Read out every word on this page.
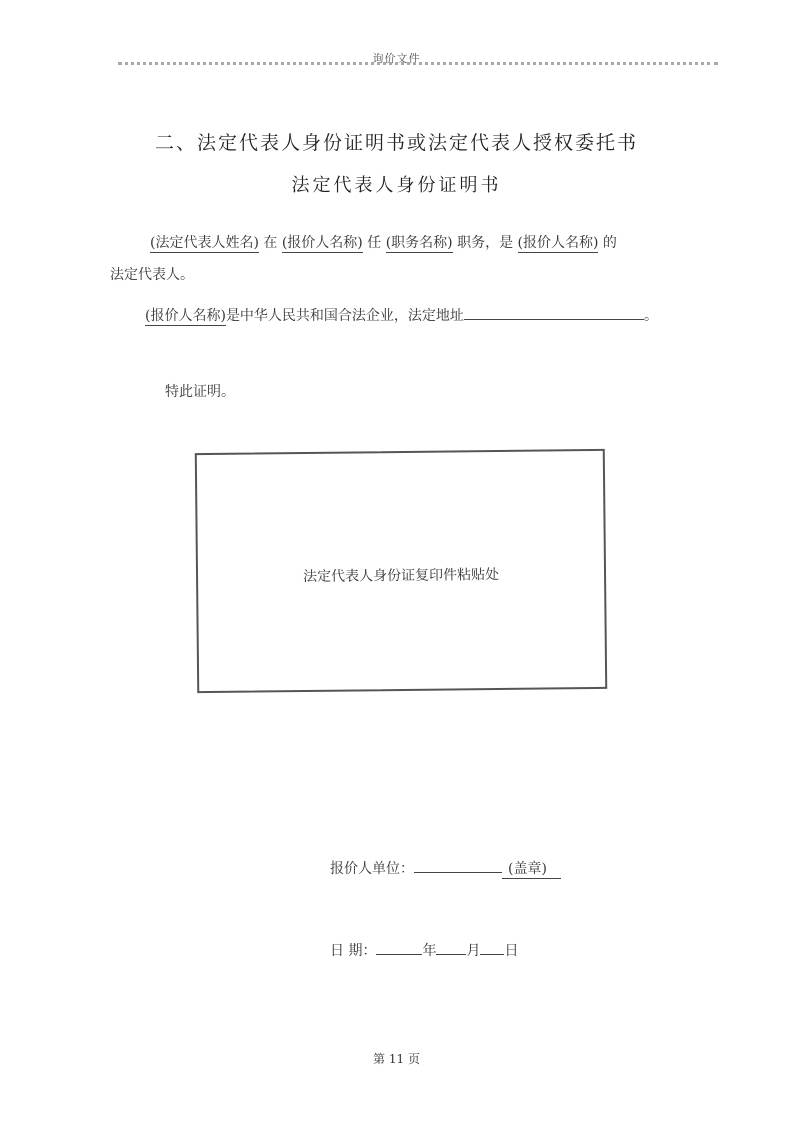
询价文件
二、法定代表人身份证明书或法定代表人授权委托书
法定代表人身份证明书
(法定代表人姓名) 在 (报价人名称) 任 (职务名称) 职务，是 (报价人名称) 的
法定代表人。
(报价人名称)是中华人民共和国合法企业，法定地址	。
特此证明。
法定代表人身份证复印件粘贴处
报价人单位：	(盖章)
日 期：	年 月 日
第 11 页
